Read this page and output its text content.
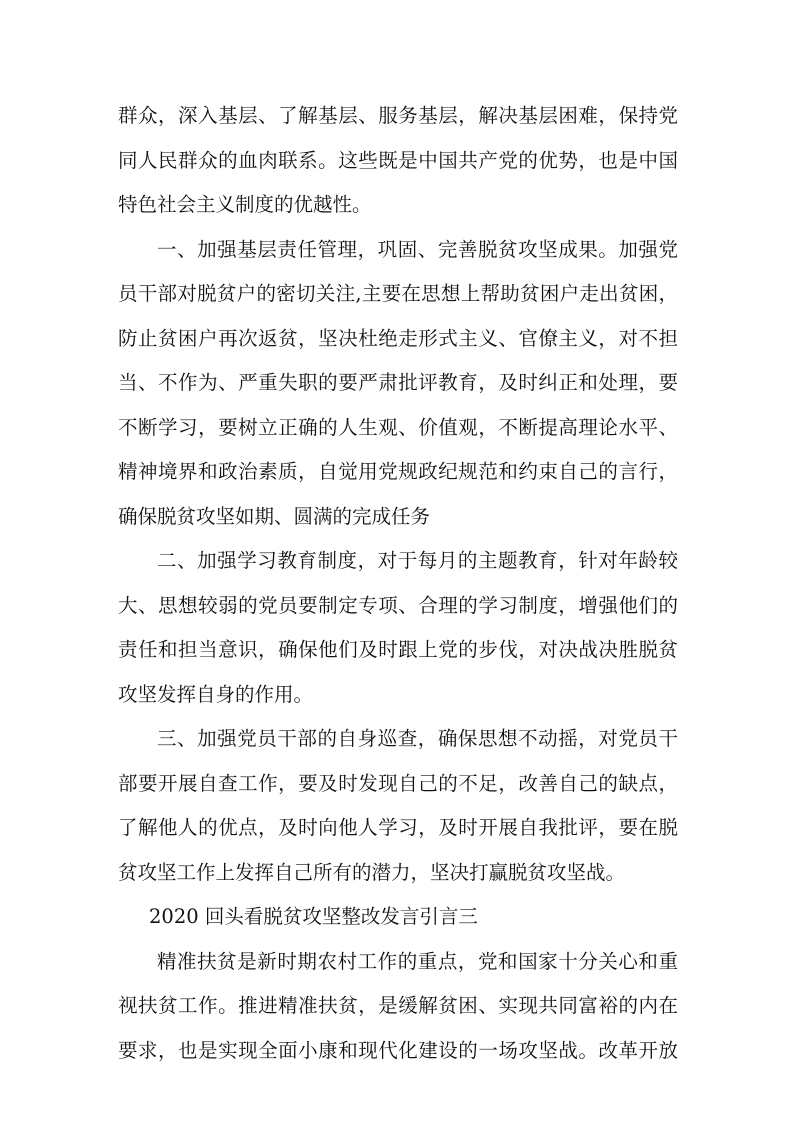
群众，深入基层、了解基层、服务基层，解决基层困难，保持党
同人民群众的血肉联系。这些既是中国共产党的优势，也是中国
特色社会主义制度的优越性。
一、加强基层责任管理，巩固、完善脱贫攻坚成果。加强党
员干部对脱贫户的密切关注,主要在思想上帮助贫困户走出贫困，
防止贫困户再次返贫，坚决杜绝走形式主义、官僚主义，对不担
当、不作为、严重失职的要严肃批评教育，及时纠正和处理，要
不断学习，要树立正确的人生观、价值观，不断提高理论水平、
精神境界和政治素质，自觉用党规政纪规范和约束自己的言行，
确保脱贫攻坚如期、圆满的完成任务
二、加强学习教育制度，对于每月的主题教育，针对年龄较
大、思想较弱的党员要制定专项、合理的学习制度，增强他们的
责任和担当意识，确保他们及时跟上党的步伐，对决战决胜脱贫
攻坚发挥自身的作用。
三、加强党员干部的自身巡查，确保思想不动摇，对党员干
部要开展自查工作，要及时发现自己的不足，改善自己的缺点，
了解他人的优点，及时向他人学习，及时开展自我批评，要在脱
贫攻坚工作上发挥自己所有的潜力，坚决打赢脱贫攻坚战。
2020 回头看脱贫攻坚整改发言引言三
精准扶贫是新时期农村工作的重点，党和国家十分关心和重
视扶贫工作。推进精准扶贫，是缓解贫困、实现共同富裕的内在
要求，也是实现全面小康和现代化建设的一场攻坚战。改革开放
